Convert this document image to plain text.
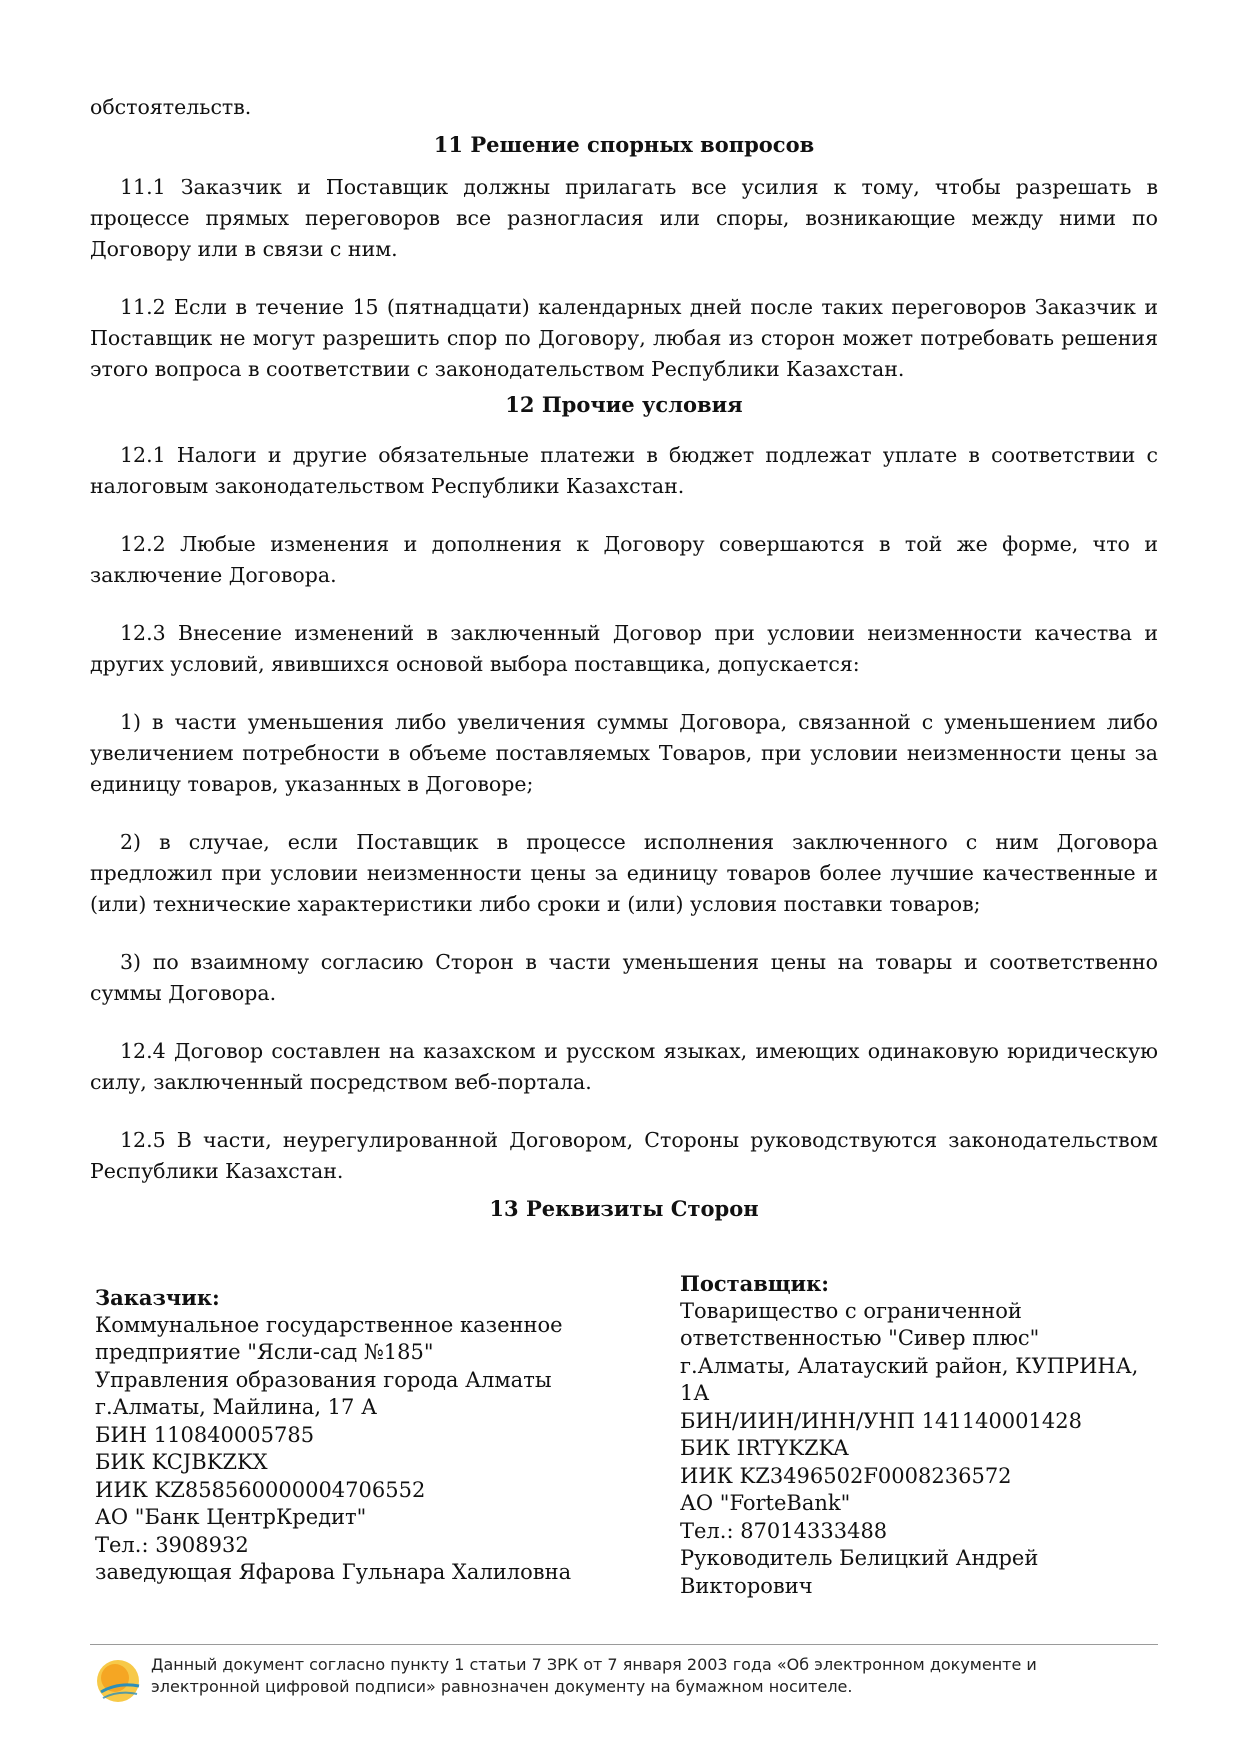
обстоятельств.

11 Решение спорных вопросов

11.1 Заказчик и Поставщик должны прилагать все усилия к тому, чтобы разрешать в процессе прямых переговоров все разногласия или споры, возникающие между ними по Договору или в связи с ним.

11.2 Если в течение 15 (пятнадцати) календарных дней после таких переговоров Заказчик и Поставщик не могут разрешить спор по Договору, любая из сторон может потребовать решения этого вопроса в соответствии с законодательством Республики Казахстан.

12 Прочие условия

12.1 Налоги и другие обязательные платежи в бюджет подлежат уплате в соответствии с налоговым законодательством Республики Казахстан.

12.2 Любые изменения и дополнения к Договору совершаются в той же форме, что и заключение Договора.

12.3 Внесение изменений в заключенный Договор при условии неизменности качества и других условий, явившихся основой выбора поставщика, допускается:

1) в части уменьшения либо увеличения суммы Договора, связанной с уменьшением либо увеличением потребности в объеме поставляемых Товаров, при условии неизменности цены за единицу товаров, указанных в Договоре;

2) в случае, если Поставщик в процессе исполнения заключенного с ним Договора предложил при условии неизменности цены за единицу товаров более лучшие качественные и (или) технические характеристики либо сроки и (или) условия поставки товаров;

3) по взаимному согласию Сторон в части уменьшения цены на товары и соответственно суммы Договора.

12.4 Договор составлен на казахском и русском языках, имеющих одинаковую юридическую силу, заключенный посредством веб-портала.

12.5 В части, неурегулированной Договором, Стороны руководствуются законодательством Республики Казахстан.

13 Реквизиты Сторон
Заказчик:
Коммунальное государственное казенное
предприятие "Ясли-сад №185"
Управления образования города Алматы
г.Алматы, Майлина, 17 А
БИН 110840005785
БИК KCJBKZKX
ИИК KZ858560000004706552
АО "Банк ЦентрКредит"
Тел.: 3908932
заведующая Яфарова Гульнара Халиловна
Поставщик:
Товарищество с ограниченной
ответственностью "Сивер плюс"
г.Алматы, Алатауский район, КУПРИНА,
1А
БИН/ИИН/ИНН/УНП 141140001428
БИК IRTYKZKA
ИИК KZ3496502F0008236572
АО "ForteBank"
Тел.: 87014333488
Руководитель Белицкий Андрей
Викторович
Данный документ согласно пункту 1 статьи 7 ЗРК от 7 января 2003 года «Об электронном документе и
электронной цифровой подписи» равнозначен документу на бумажном носителе.
